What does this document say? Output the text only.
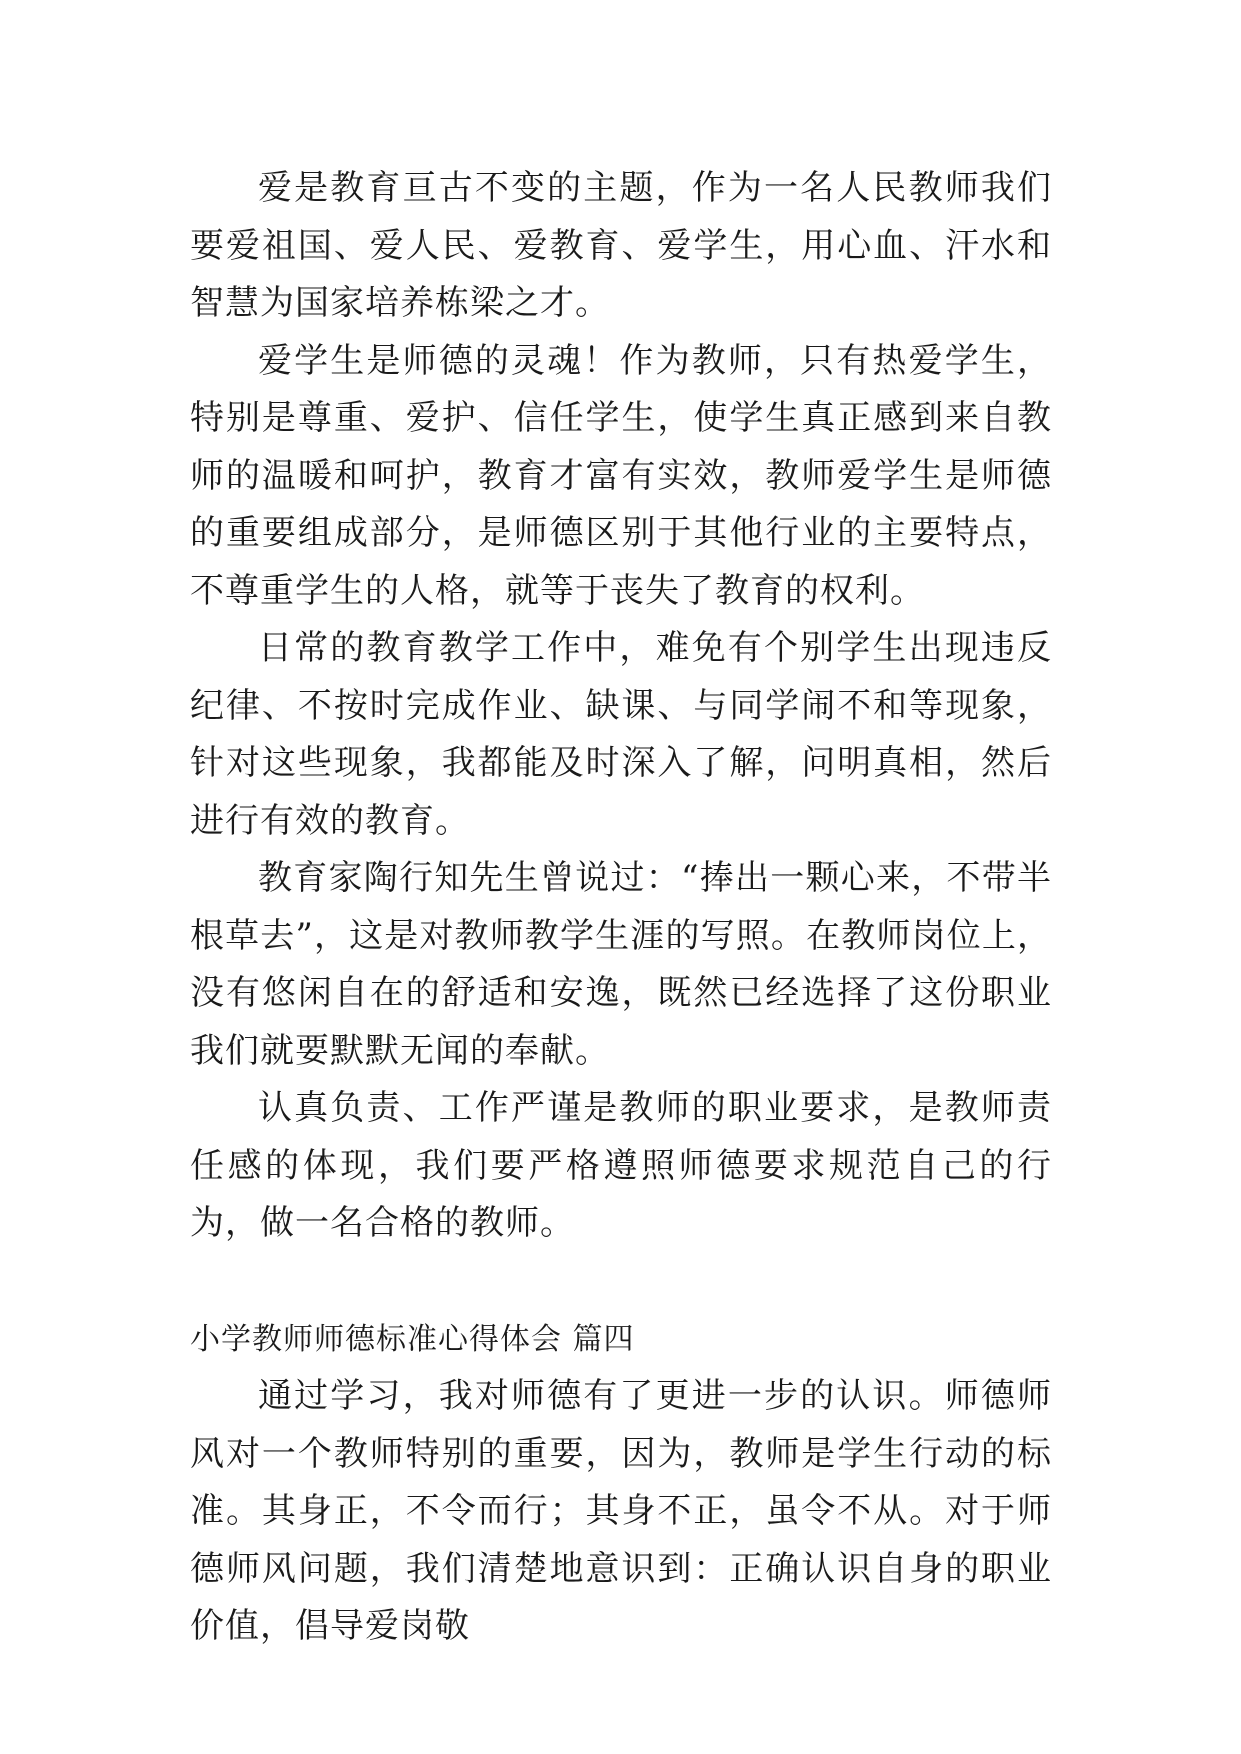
爱是教育亘古不变的主题，作为一名人民教师我们要爱祖国、爱人民、爱教育、爱学生，用心血、汗水和智慧为国家培养栋梁之才。

爱学生是师德的灵魂！作为教师，只有热爱学生，特别是尊重、爱护、信任学生，使学生真正感到来自教师的温暖和呵护，教育才富有实效，教师爱学生是师德的重要组成部分，是师德区别于其他行业的主要特点，不尊重学生的人格，就等于丧失了教育的权利。

日常的教育教学工作中，难免有个别学生出现违反纪律、不按时完成作业、缺课、与同学闹不和等现象，针对这些现象，我都能及时深入了解，问明真相，然后进行有效的教育。

教育家陶行知先生曾说过：“捧出一颗心来，不带半根草去”，这是对教师教学生涯的写照。在教师岗位上，没有悠闲自在的舒适和安逸，既然已经选择了这份职业我们就要默默无闻的奉献。

认真负责、工作严谨是教师的职业要求，是教师责任感的体现，我们要严格遵照师德要求规范自己的行为，做一名合格的教师。

小学教师师德标准心得体会 篇四

通过学习，我对师德有了更进一步的认识。师德师风对一个教师特别的重要，因为，教师是学生行动的标准。其身正，不令而行；其身不正，虽令不从。对于师德师风问题，我们清楚地意识到：正确认识自身的职业价值，倡导爱岗敬
